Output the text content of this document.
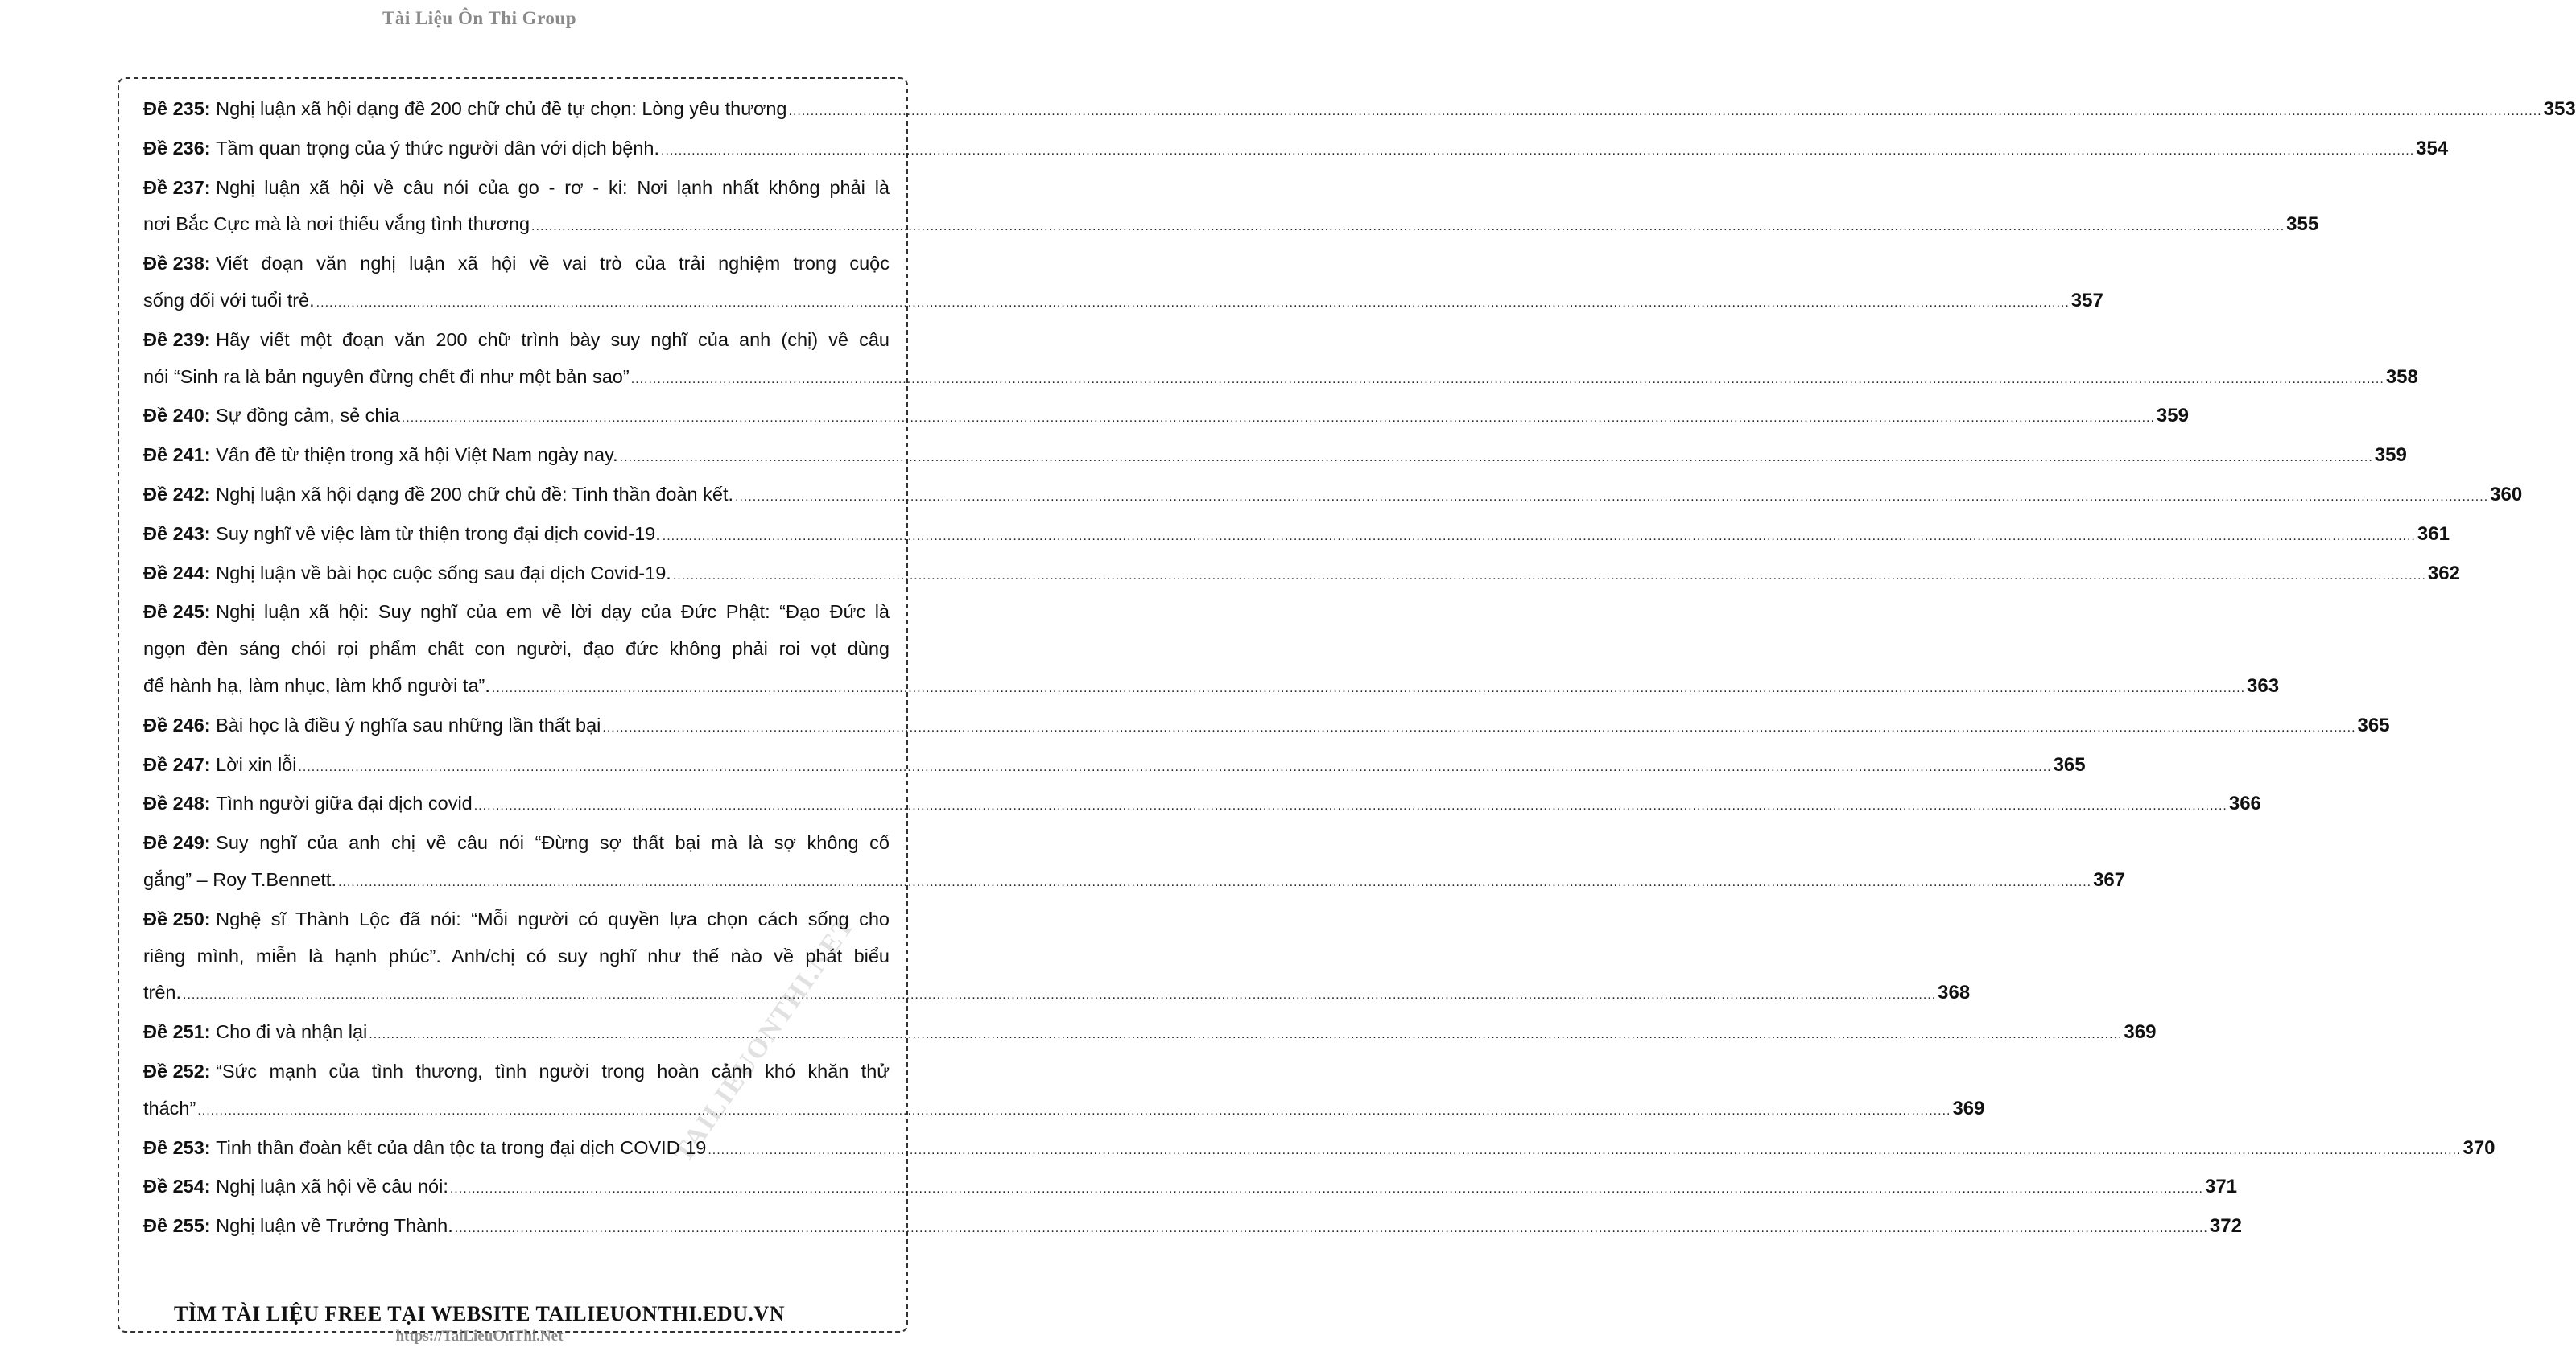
Tài Liệu Ôn Thi Group
TAILIEUONTHI.NET
Đề 235:
Nghị luận xã hội dạng đề 200 chữ chủ đề tự chọn: Lòng yêu thương ................................................................................................................................................................................................................................................................................................................................................................................................................ 353
Đề 236:
Tầm quan trọng của ý thức người dân với dịch bệnh. ................................................................................................................................................................................................................................................................................................................................................................................................................ 354
Đề 237:
Nghị luận xã hội về câu nói của go - rơ - ki: Nơi lạnh nhất không phải là
nơi Bắc Cực mà là nơi thiếu vắng tình thương ................................................................................................................................................................................................................................................................................................................................................................................................................ 355
Đề 238:
Viết đoạn văn nghị luận xã hội về vai trò của trải nghiệm trong cuộc
sống đối với tuổi trẻ. ................................................................................................................................................................................................................................................................................................................................................................................................................ 357
Đề 239:
Hãy viết một đoạn văn 200 chữ trình bày suy nghĩ của anh (chị) về câu
nói “Sinh ra là bản nguyên đừng chết đi như một bản sao” ................................................................................................................................................................................................................................................................................................................................................................................................................ 358
Đề 240:
Sự đồng cảm, sẻ chia ................................................................................................................................................................................................................................................................................................................................................................................................................ 359
Đề 241:
Vấn đề từ thiện trong xã hội Việt Nam ngày nay. ................................................................................................................................................................................................................................................................................................................................................................................................................ 359
Đề 242:
Nghị luận xã hội dạng đề 200 chữ chủ đề: Tinh thần đoàn kết. ................................................................................................................................................................................................................................................................................................................................................................................................................ 360
Đề 243:
Suy nghĩ về việc làm từ thiện trong đại dịch covid-19. ................................................................................................................................................................................................................................................................................................................................................................................................................ 361
Đề 244:
Nghị luận về bài học cuộc sống sau đại dịch Covid-19. ................................................................................................................................................................................................................................................................................................................................................................................................................ 362
Đề 245:
Nghị luận xã hội: Suy nghĩ của em về lời dạy của Đức Phật: “Đạo Đức là
ngọn đèn sáng chói rọi phẩm chất con người, đạo đức không phải roi vọt dùng
để hành hạ, làm nhục, làm khổ người ta”. ................................................................................................................................................................................................................................................................................................................................................................................................................ 363
Đề 246:
Bài học là điều ý nghĩa sau những lần thất bại ................................................................................................................................................................................................................................................................................................................................................................................................................ 365
Đề 247:
Lời xin lỗi ................................................................................................................................................................................................................................................................................................................................................................................................................ 365
Đề 248:
Tình người giữa đại dịch covid ................................................................................................................................................................................................................................................................................................................................................................................................................ 366
Đề 249:
Suy nghĩ của anh chị về câu nói “Đừng sợ thất bại mà là sợ không cố
gắng” – Roy T.Bennett. ................................................................................................................................................................................................................................................................................................................................................................................................................ 367
Đề 250:
Nghệ sĩ Thành Lộc đã nói: “Mỗi người có quyền lựa chọn cách sống cho
riêng mình, miễn là hạnh phúc”. Anh/chị có suy nghĩ như thế nào về phát biểu
trên. ................................................................................................................................................................................................................................................................................................................................................................................................................ 368
Đề 251:
Cho đi và nhận lại ................................................................................................................................................................................................................................................................................................................................................................................................................ 369
Đề 252:
“Sức mạnh của tình thương, tình người trong hoàn cảnh khó khăn thử
thách” ................................................................................................................................................................................................................................................................................................................................................................................................................ 369
Đề 253:
Tinh thần đoàn kết của dân tộc ta trong đại dịch COVID 19 ................................................................................................................................................................................................................................................................................................................................................................................................................ 370
Đề 254:
Nghị luận xã hội về câu nói: ................................................................................................................................................................................................................................................................................................................................................................................................................ 371
Đề 255:
Nghị luận về Trưởng Thành. ................................................................................................................................................................................................................................................................................................................................................................................................................ 372
TÌM TÀI LIỆU FREE TẠI WEBSITE TAILIEUONTHI.EDU.VN
https://TaiLieuOnThi.Net
